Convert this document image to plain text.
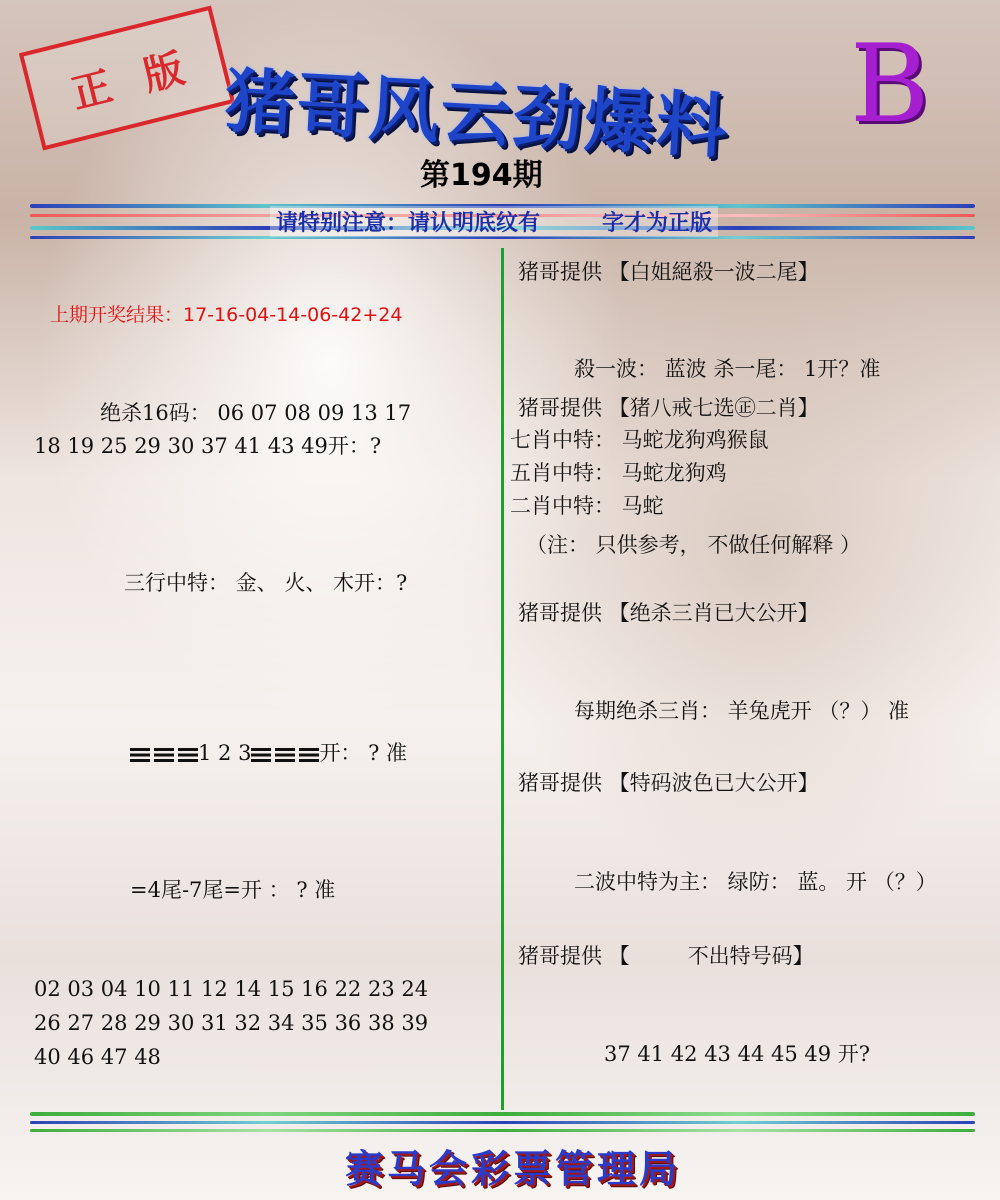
正 版 猪哥风云劲爆料 B
第194期
请特别注意：请认明底纹有	字才为正版
上期开奖结果：17-16-04-14-06-42+24
绝杀16码： 06 07 08 09 13 17
18 19 25 29 30 37 41 43 49开：?
三行中特： 金、 火、 木开：?
1 2 3	开： ? 准
=4尾-7尾=开 ： ? 准
02 03 04 10 11 12 14 15 16 22 23 24
26 27 28 29 30 31 32 34 35 36 38 39
40 46 47 48
猪哥提供 【白姐絕殺一波二尾】
殺一波： 蓝波 杀一尾： 1开？准
猪哥提供 【猪八戒七选㊣二肖】
七肖中特： 马蛇龙狗鸡猴鼠
五肖中特： 马蛇龙狗鸡
二肖中特： 马蛇
（注： 只供参考， 不做任何解释 ）
猪哥提供 【绝杀三肖已大公开】
每期绝杀三肖： 羊兔虎开 （？） 准
猪哥提供 【特码波色已大公开】
二波中特为主： 绿防： 蓝。 开 （？）
猪哥提供 【	不出特号码】
37 41 42 43 44 45 49 开?
赛马会彩票管理局
